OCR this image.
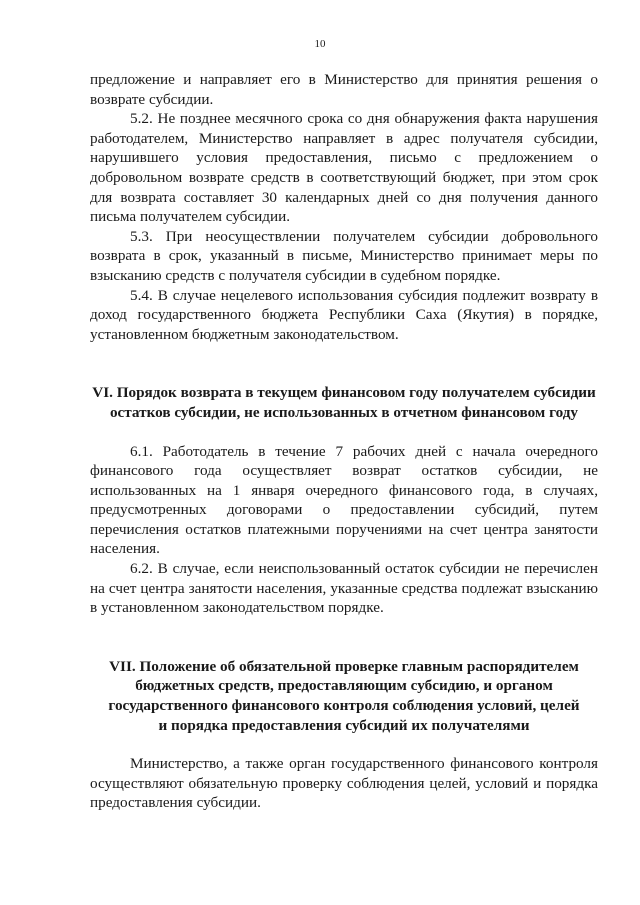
10

предложение и направляет его в Министерство для принятия решения о возврате субсидии.

5.2. Не позднее месячного срока со дня обнаружения факта нарушения работодателем, Министерство направляет в адрес получателя субсидии, нарушившего условия предоставления, письмо с предложением о добровольном возврате средств в соответствующий бюджет, при этом срок для возврата составляет 30 календарных дней со дня получения данного письма получателем субсидии.

5.3. При неосуществлении получателем субсидии добровольного возврата в срок, указанный в письме, Министерство принимает меры по взысканию средств с получателя субсидии в судебном порядке.

5.4. В случае нецелевого использования субсидия подлежит возврату в доход государственного бюджета Республики Саха (Якутия) в порядке, установленном бюджетным законодательством.

VI. Порядок возврата в текущем финансовом году получателем субсидии
остатков субсидии, не использованных в отчетном финансовом году

6.1. Работодатель в течение 7 рабочих дней с начала очередного финансового года осуществляет возврат остатков субсидии, не использованных на 1 января очередного финансового года, в случаях, предусмотренных договорами о предоставлении субсидий, путем перечисления остатков платежными поручениями на счет центра занятости населения.

6.2. В случае, если неиспользованный остаток субсидии не перечислен на счет центра занятости населения, указанные средства подлежат взысканию в установленном законодательством порядке.

VII. Положение об обязательной проверке главным распорядителем
бюджетных средств, предоставляющим субсидию, и органом
государственного финансового контроля соблюдения условий, целей
и порядка предоставления субсидий их получателями

Министерство, а также орган государственного финансового контроля осуществляют обязательную проверку соблюдения целей, условий и порядка предоставления субсидии.
